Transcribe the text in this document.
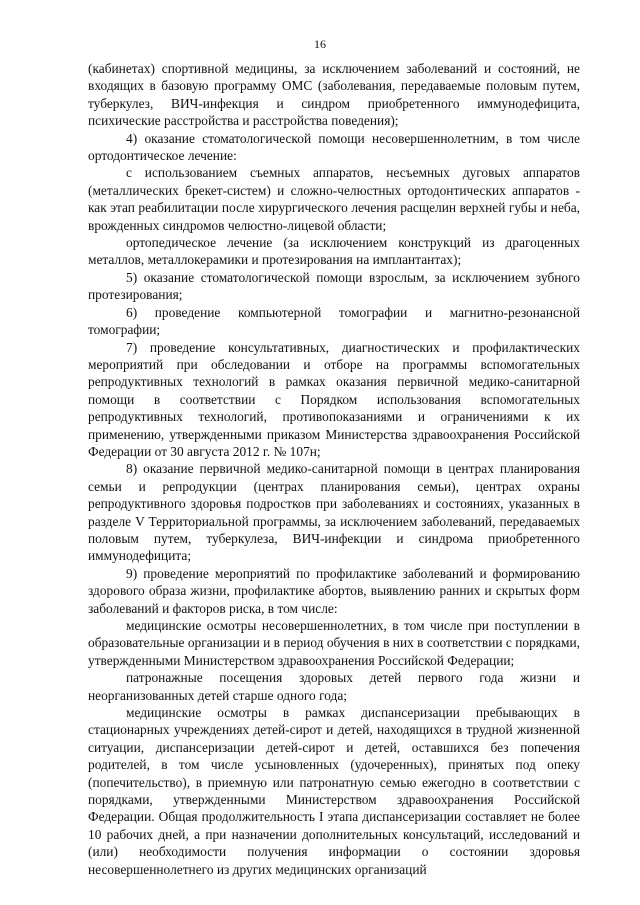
16

(кабинетах) спортивной медицины, за исключением заболеваний и состояний, не входящих в базовую программу ОМС (заболевания, передаваемые половым путем, туберкулез, ВИЧ-инфекция и синдром приобретенного иммунодефицита, психические расстройства и расстройства поведения);

4) оказание стоматологической помощи несовершеннолетним, в том числе ортодонтическое лечение:

с использованием съемных аппаратов, несъемных дуговых аппаратов (металлических брекет-систем) и сложно-челюстных ортодонтических аппаратов - как этап реабилитации после хирургического лечения расщелин верхней губы и неба, врожденных синдромов челюстно-лицевой области;

ортопедическое лечение (за исключением конструкций из драгоценных металлов, металлокерамики и протезирования на имплантантах);

5) оказание стоматологической помощи взрослым, за исключением зубного протезирования;

6) проведение компьютерной томографии и магнитно-резонансной томографии;

7) проведение консультативных, диагностических и профилактических мероприятий при обследовании и отборе на программы вспомогательных репродуктивных технологий в рамках оказания первичной медико-санитарной помощи в соответствии с Порядком использования вспомогательных репродуктивных технологий, противопоказаниями и ограничениями к их применению, утвержденными приказом Министерства здравоохранения Российской Федерации от 30 августа 2012 г. № 107н;

8) оказание первичной медико-санитарной помощи в центрах планирования семьи и репродукции (центрах планирования семьи), центрах охраны репродуктивного здоровья подростков при заболеваниях и состояниях, указанных в разделе V Территориальной программы, за исключением заболеваний, передаваемых половым путем, туберкулеза, ВИЧ-инфекции и синдрома приобретенного иммунодефицита;

9) проведение мероприятий по профилактике заболеваний и формированию здорового образа жизни, профилактике абортов, выявлению ранних и скрытых форм заболеваний и факторов риска, в том числе:

медицинские осмотры несовершеннолетних, в том числе при поступлении в образовательные организации и в период обучения в них в соответствии с порядками, утвержденными Министерством здравоохранения Российской Федерации;

патронажные посещения здоровых детей первого года жизни и неорганизованных детей старше одного года;

медицинские осмотры в рамках диспансеризации пребывающих в стационарных учреждениях детей-сирот и детей, находящихся в трудной жизненной ситуации, диспансеризации детей-сирот и детей, оставшихся без попечения родителей, в том числе усыновленных (удочеренных), принятых под опеку (попечительство), в приемную или патронатную семью ежегодно в соответствии с порядками, утвержденными Министерством здравоохранения Российской Федерации. Общая продолжительность I этапа диспансеризации составляет не более 10 рабочих дней, а при назначении дополнительных консультаций, исследований и (или) необходимости получения информации о состоянии здоровья несовершеннолетнего из других медицинских организаций
